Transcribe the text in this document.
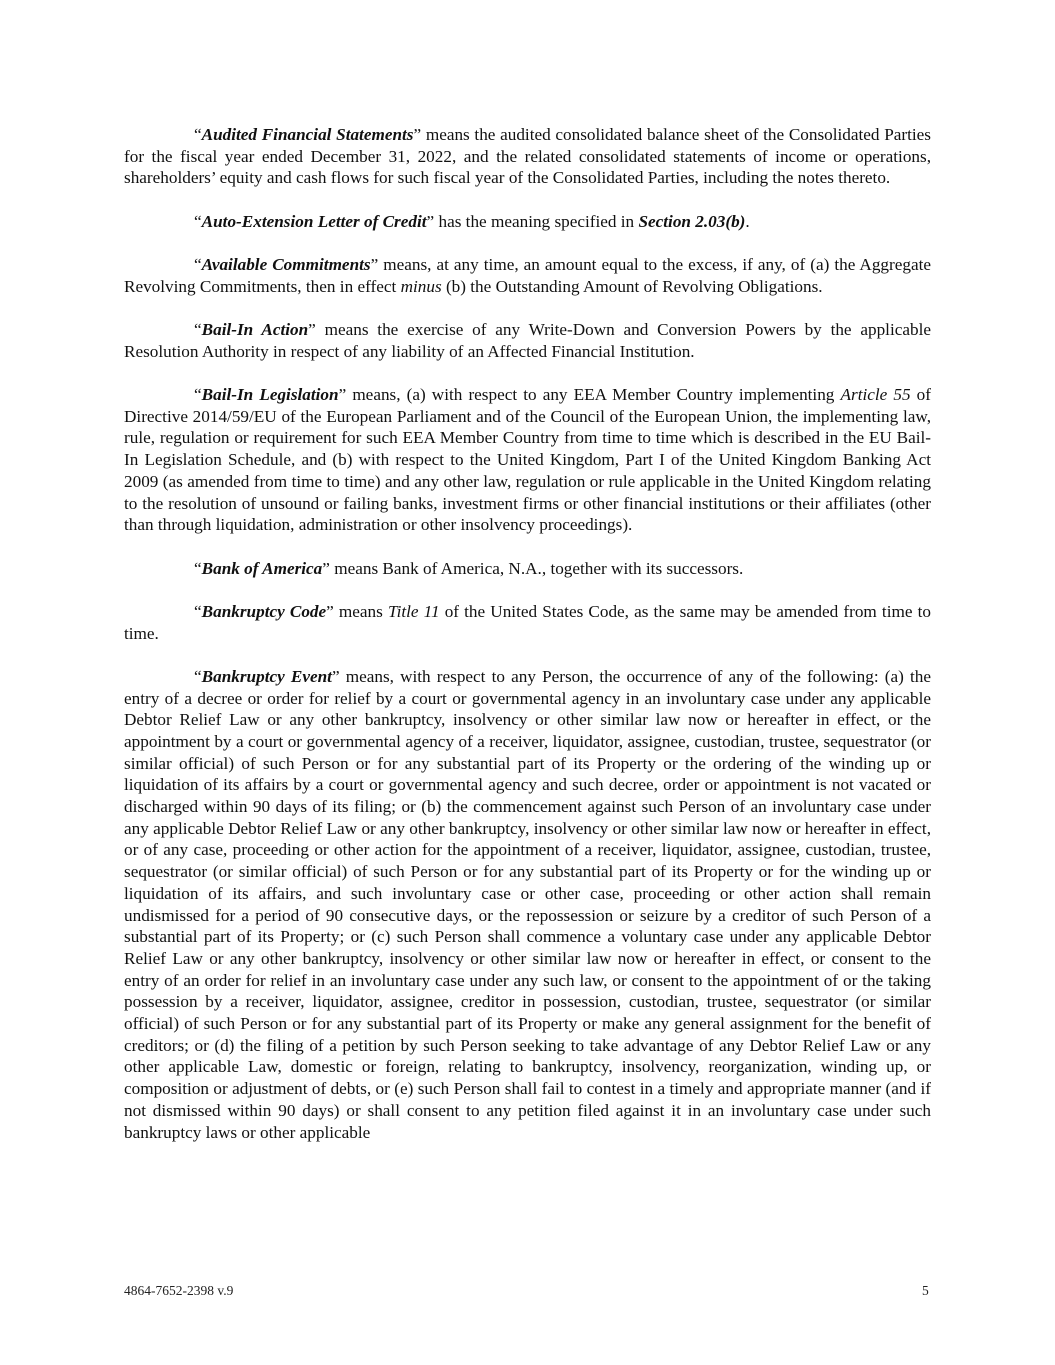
“Audited Financial Statements” means the audited consolidated balance sheet of the Consolidated Parties for the fiscal year ended December 31, 2022, and the related consolidated statements of income or operations, shareholders’ equity and cash flows for such fiscal year of the Consolidated Parties, including the notes thereto.

“Auto-Extension Letter of Credit” has the meaning specified in Section 2.03(b).

“Available Commitments” means, at any time, an amount equal to the excess, if any, of (a) the Aggregate Revolving Commitments, then in effect minus (b) the Outstanding Amount of Revolving Obligations.

“Bail-In Action” means the exercise of any Write-Down and Conversion Powers by the applicable Resolution Authority in respect of any liability of an Affected Financial Institution.

“Bail-In Legislation” means, (a) with respect to any EEA Member Country implementing Article 55 of Directive 2014/59/EU of the European Parliament and of the Council of the European Union, the implementing law, rule, regulation or requirement for such EEA Member Country from time to time which is described in the EU Bail-In Legislation Schedule, and (b) with respect to the United Kingdom, Part I of the United Kingdom Banking Act 2009 (as amended from time to time) and any other law, regulation or rule applicable in the United Kingdom relating to the resolution of unsound or failing banks, investment firms or other financial institutions or their affiliates (other than through liquidation, administration or other insolvency proceedings).

“Bank of America” means Bank of America, N.A., together with its successors.

“Bankruptcy Code” means Title 11 of the United States Code, as the same may be amended from time to time.

“Bankruptcy Event” means, with respect to any Person, the occurrence of any of the following: (a) the entry of a decree or order for relief by a court or governmental agency in an involuntary case under any applicable Debtor Relief Law or any other bankruptcy, insolvency or other similar law now or hereafter in effect, or the appointment by a court or governmental agency of a receiver, liquidator, assignee, custodian, trustee, sequestrator (or similar official) of such Person or for any substantial part of its Property or the ordering of the winding up or liquidation of its affairs by a court or governmental agency and such decree, order or appointment is not vacated or discharged within 90 days of its filing; or (b) the commencement against such Person of an involuntary case under any applicable Debtor Relief Law or any other bankruptcy, insolvency or other similar law now or hereafter in effect, or of any case, proceeding or other action for the appointment of a receiver, liquidator, assignee, custodian, trustee, sequestrator (or similar official) of such Person or for any substantial part of its Property or for the winding up or liquidation of its affairs, and such involuntary case or other case, proceeding or other action shall remain undismissed for a period of 90 consecutive days, or the repossession or seizure by a creditor of such Person of a substantial part of its Property; or (c) such Person shall commence a voluntary case under any applicable Debtor Relief Law or any other bankruptcy, insolvency or other similar law now or hereafter in effect, or consent to the entry of an order for relief in an involuntary case under any such law, or consent to the appointment of or the taking possession by a receiver, liquidator, assignee, creditor in possession, custodian, trustee, sequestrator (or similar official) of such Person or for any substantial part of its Property or make any general assignment for the benefit of creditors; or (d) the filing of a petition by such Person seeking to take advantage of any Debtor Relief Law or any other applicable Law, domestic or foreign, relating to bankruptcy, insolvency, reorganization, winding up, or composition or adjustment of debts, or (e) such Person shall fail to contest in a timely and appropriate manner (and if not dismissed within 90 days) or shall consent to any petition filed against it in an involuntary case under such bankruptcy laws or other applicable

4864-7652-2398 v.9	5
